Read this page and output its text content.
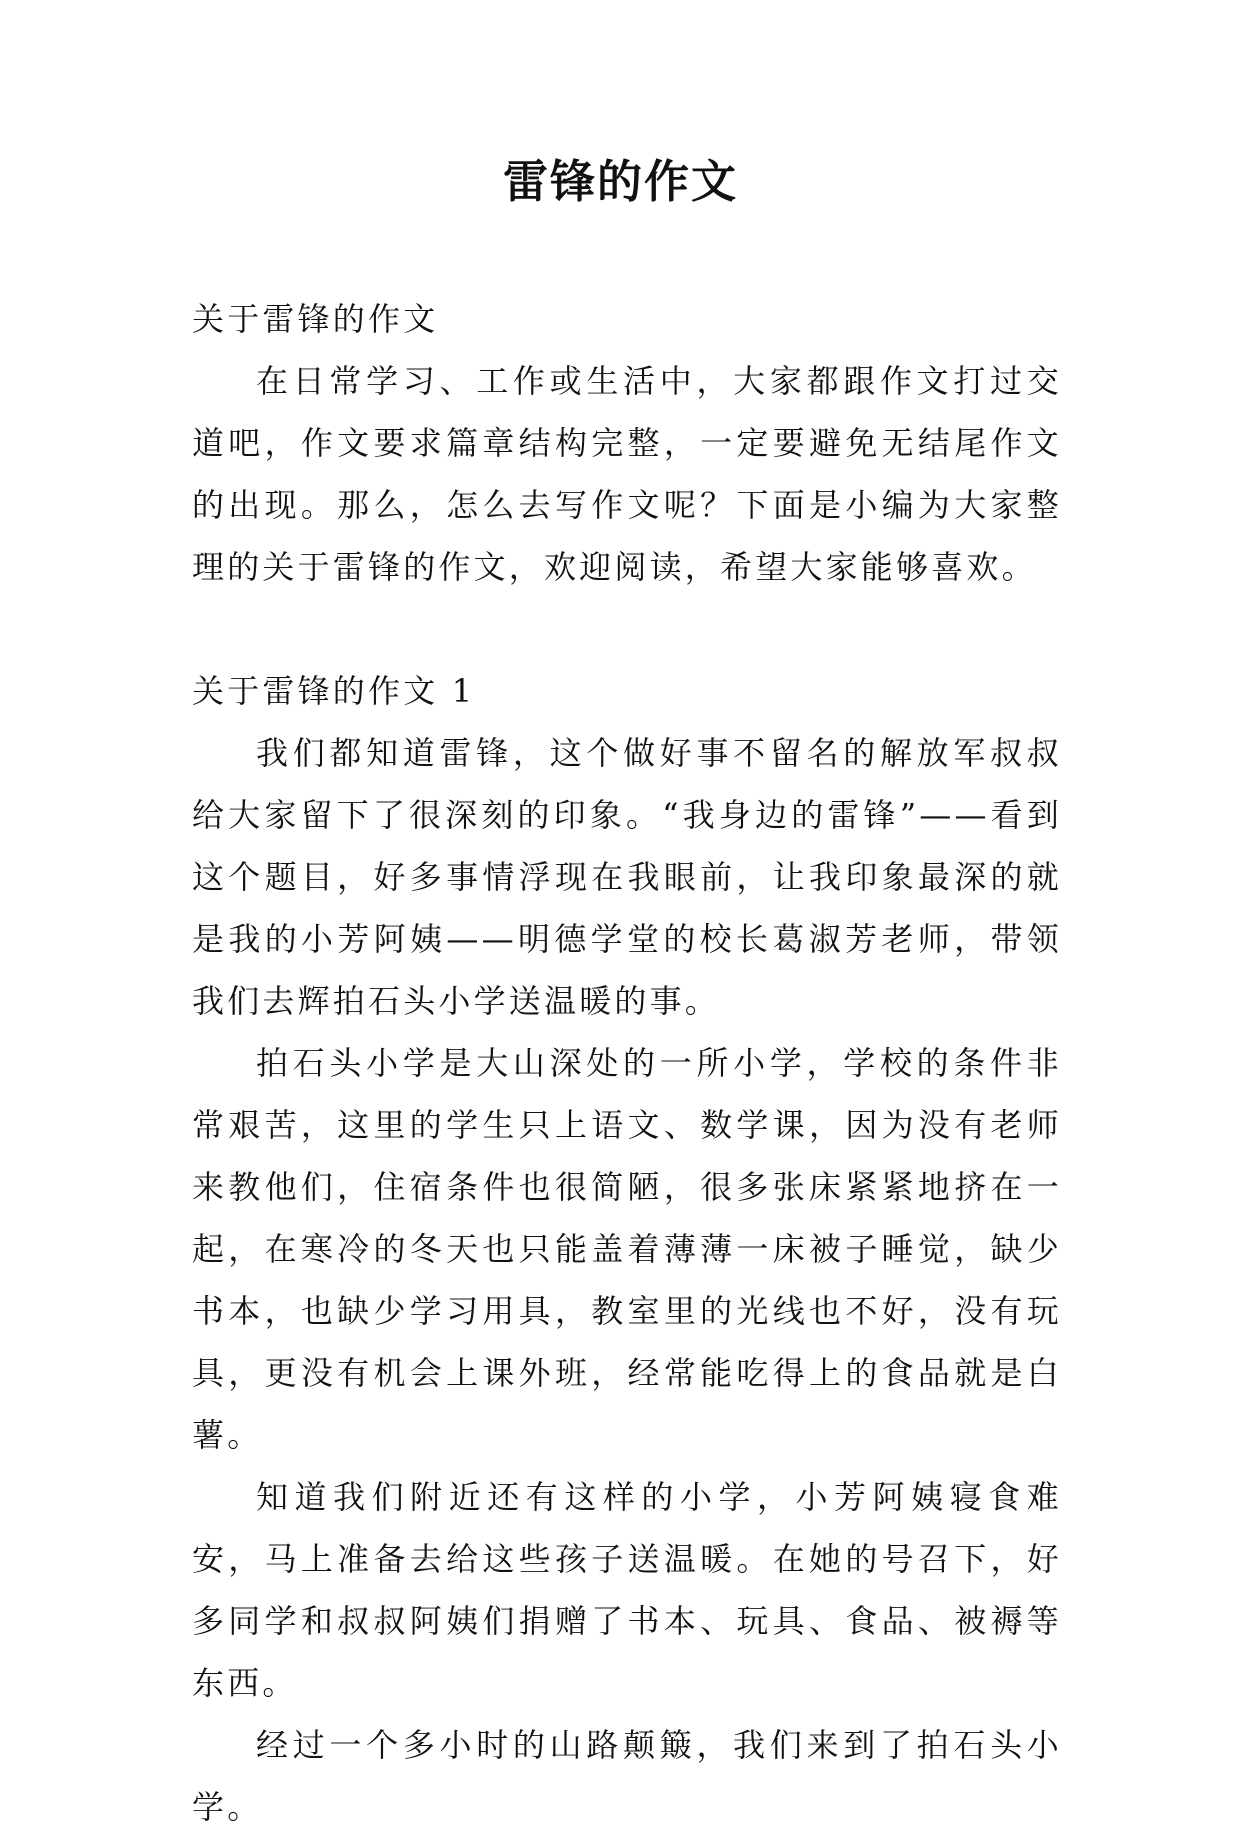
雷锋的作文

关于雷锋的作文

在日常学习、工作或生活中，大家都跟作文打过交道吧，作文要求篇章结构完整，一定要避免无结尾作文的出现。那么，怎么去写作文呢？下面是小编为大家整理的关于雷锋的作文，欢迎阅读，希望大家能够喜欢。

关于雷锋的作文 1

我们都知道雷锋，这个做好事不留名的解放军叔叔给大家留下了很深刻的印象。“我身边的雷锋”——看到这个题目，好多事情浮现在我眼前，让我印象最深的就是我的小芳阿姨——明德学堂的校长葛淑芳老师，带领我们去辉拍石头小学送温暖的事。

拍石头小学是大山深处的一所小学，学校的条件非常艰苦，这里的学生只上语文、数学课，因为没有老师来教他们，住宿条件也很简陋，很多张床紧紧地挤在一起，在寒冷的冬天也只能盖着薄薄一床被子睡觉，缺少书本，也缺少学习用具，教室里的光线也不好，没有玩具，更没有机会上课外班，经常能吃得上的食品就是白薯。

知道我们附近还有这样的小学，小芳阿姨寝食难安，马上准备去给这些孩子送温暖。在她的号召下，好多同学和叔叔阿姨们捐赠了书本、玩具、食品、被褥等东西。

经过一个多小时的山路颠簸，我们来到了拍石头小学。
